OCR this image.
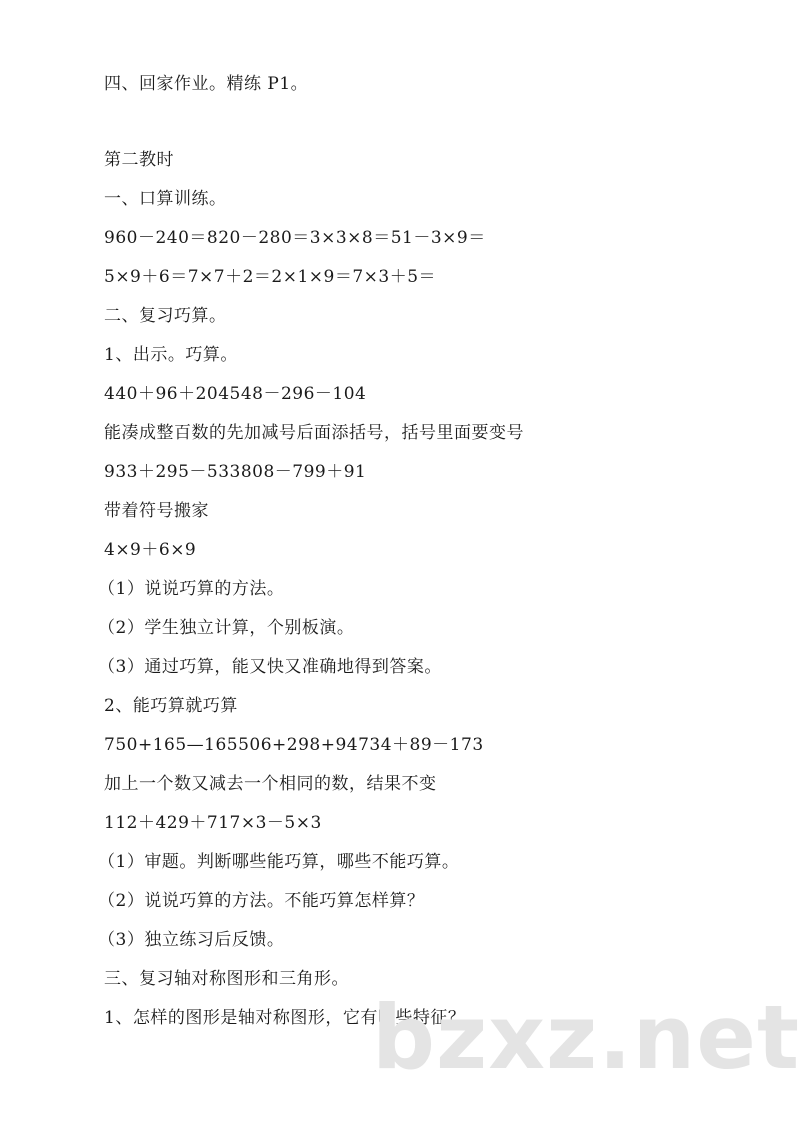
四、回家作业。精练 P1。
第二教时
一、口算训练。
960－240＝820－280＝3×3×8＝51－3×9＝
5×9＋6＝7×7＋2＝2×1×9＝7×3＋5＝
二、复习巧算。
1、出示。巧算。
440＋96＋204548－296－104
能凑成整百数的先加减号后面添括号，括号里面要变号
933＋295－533808－799＋91
带着符号搬家
4×9＋6×9
（1）说说巧算的方法。
（2）学生独立计算，个别板演。
（3）通过巧算，能又快又准确地得到答案。
2、能巧算就巧算
750+165—165506+298+94734＋89－173
加上一个数又减去一个相同的数，结果不变
112＋429＋717×3－5×3
（1）审题。判断哪些能巧算，哪些不能巧算。
（2）说说巧算的方法。不能巧算怎样算？
（3）独立练习后反馈。
三、复习轴对称图形和三角形。
1、怎样的图形是轴对称图形，它有哪些特征？
bzxz.net
